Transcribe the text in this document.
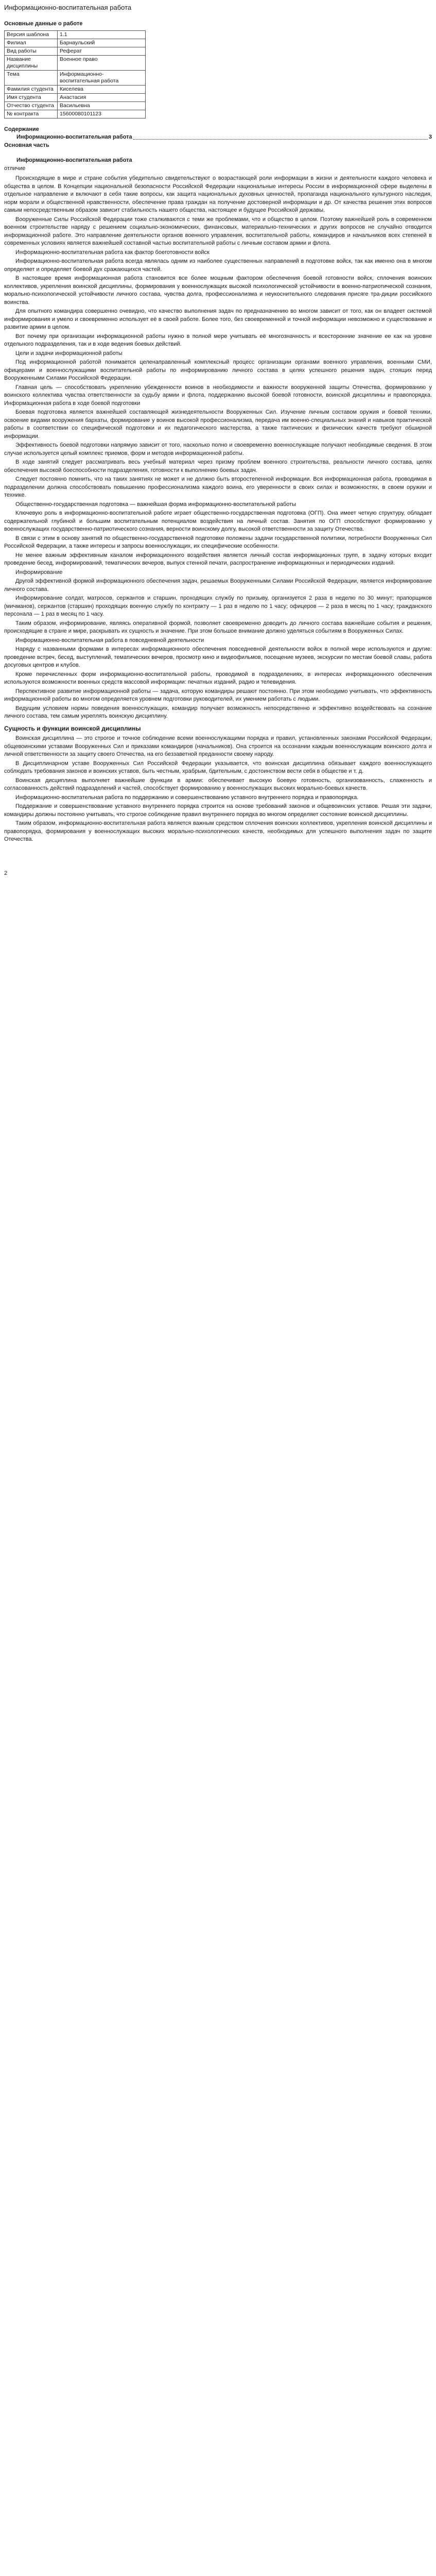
Информационно-воспитательная работа
Основные данные о работе
Версия шаблона	1.1
Филиал	Барнаульский
Вид работы	Реферат
Название дисциплины	Военное право
Тема	Информационно-воспитательная работа
Фамилия студента	Киселева
Имя студента	Анастасия
Отчество студента	Васильевна
№ контракта	15600080101123
Содержание
Информационно-воспитательная работа	3
Основная часть
Информационно-воспитательная работа
отличие

Происходящие в мире и стране события убедительно свидетельствуют о возрастающей роли информации в жизни и деятельности каждого человека и общества в целом. В Концепции национальной безопасности Российской Федерации национальные интересы России в информационной сфере выделены в отдельное направление и включают в себя такие вопросы, как защита национальных духовных ценностей, пропаганда национального культурного наследия, норм морали и общественной нравственности, обеспечение права граждан на получение достоверной информации и др. От качества решения этих вопросов самым непосредственным образом зависит стабильность нашего общества, настоящее и будущее Российской державы.

Вооруженные Силы Российской Федерации тоже сталкиваются с теми же проблемами, что и общество в целом. Поэтому важнейшей роль в современном военном строительстве наряду с решением социально-экономических, финансовых, материально-технических и других вопросов не случайно отводится информационной работе. Это направление деятельности органов военного управления, воспитательной работы, командиров и начальников всех степеней в современных условиях является важнейшей составной частью воспитательной работы с личным составом армии и флота.

Информационно-воспитательная работа как фактор боеготовности войск

Информационно-воспитательная работа всегда являлась одним из наиболее существенных направлений в подготовке войск, так как именно она в многом определяет и определяет боевой дух сражающихся частей.

В настоящее время информационная работа становится все более мощным фактором обеспечения боевой готовности войск, сплочения воинских коллективов, укрепления воинской дисциплины, формирования у военнослужащих высокой психологической устойчивости в военно-патриотической сознания, морально-психологической устойчивости личного состава, чувства долга, профессионализма и неукоснительного следования присяге тра-диции российского воинства.

Для опытного командира совершенно очевидно, что качество выполнения задач по предназначению во многом зависит от того, как он владеет системой информирования и умело и своевременно использует её в своей работе. Более того, без своевременной и точной информации невозможно и существование и развитие армии в целом.

Вот почему при организации информационной работы нужно в полной мере учитывать её многозначность и всесторонние значение ее как на уровне отдельного подразделения, так и в ходе ведения боевых действий.

Цели и задачи информационной работы

Под информационной работой понимается целенаправленный комплексный процесс организации органами военного управления, военными СМИ, офицерами и военнослужащими воспитательной работы по информированию личного состава в целях успешного решения задач, стоящих перед Вооруженными Силами Российской Федерации.

Главная цель — способствовать укреплению убежденности воинов в необходимости и важности вооруженной защиты Отечества, формированию у воинского коллектива чувства ответственности за судьбу армии и флота, поддержанию высокой боевой готовности, воинской дисциплины и правопорядка. Информационная работа в ходе боевой подготовки

Боевая подготовка является важнейшей составляющей жизнедеятельности Вооруженных Сил. Изучение личным составом оружия и боевой техники, освоение видами вооружения бархаты, формирование у воинов высокой профессионализма, передача им военно-специальных знаний и навыков практической работы в соответствии со специфической подготовки и их педагогического мастерства, а также тактических и физических качеств требуют обширной информации.

Эффективность боевой подготовки напрямую зависит от того, насколько полно и своевременно военнослужащие получают необходимые сведения. В этом случае используется целый комплекс приемов, форм и методов информационной работы.

В ходе занятий следует рассматривать весь учебный материал через призму проблем военного строительства, реальности личного состава, целях обеспечения высокой боеспособности подразделения, готовности к выполнению боевых задач.

Следует постоянно помнить, что на таких занятиях не может и не должно быть второстепенной информации. Вся информационная работа, проводимая в подразделении должна способствовать повышению профессионализма каждого воина, его уверенности в своих силах и возможностях, в своем оружии и технике.

Общественно-государственная подготовка — важнейшая форма информационно-воспитательной работы

Ключевую роль в информационно-воспитательной работе играет общественно-государственная подготовка (ОГП). Она имеет четкую структуру, обладает содержательной глубиной и большим воспитательным потенциалом воздействия на личный состав. Занятия по ОГП способствуют формированию у военнослужащих государственно-патриотического сознания, верности воинскому долгу, высокой ответственности за защиту Отечества.

В связи с этим в основу занятий по общественно-государственной подготовке положены задачи государственной политики, потребности Вооруженных Сил Российской Федерации, а также интересы и запросы военнослужащих, их специфические особенности.

Не менее важным эффективным каналом информационного воздействия является личный состав информационных групп, в задачу которых входит проведение бесед, информирований, тематических вечеров, выпуск стенной печати, распространение информационных и периодических изданий.

Информирование

Другой эффективной формой информационного обеспечения задач, решаемых Вооруженными Силами Российской Федерации, является информирование личного состава.

Информирование солдат, матросов, сержантов и старшин, проходящих службу по призыву, организуется 2 раза в неделю по 30 минут; прапорщиков (мичманов), сержантов (старшин) проходящих военную службу по контракту — 1 раз в неделю по 1 часу; офицеров — 2 раза в месяц по 1 часу; гражданского персонала — 1 раз в месяц по 1 часу.

Таким образом, информирование, являясь оперативной формой, позволяет своевременно доводить до личного состава важнейшие события и решения, происходящие в стране и мире, раскрывать их сущность и значение. При этом большое внимание должно уделяться событиям в Вооруженных Силах.

Информационно-воспитательная работа в повседневной деятельности

Наряду с названными формами в интересах информационного обеспечения повседневной деятельности войск в полной мере используются и другие: проведение встреч, бесед, выступлений, тематических вечеров, просмотр кино и видеофильмов, посещение музеев, экскурсии по местам боевой славы, работа досуговых центров и клубов.

Кроме перечисленных форм информационно-воспитательной работы, проводимой в подразделениях, в интересах информационного обеспечения используются возможности военных средств массовой информации: печатных изданий, радио и телевидения.

Перспективное развитие информационной работы — задача, которую командиры решают постоянно. При этом необходимо учитывать, что эффективность информационной работы во многом определяется уровнем подготовки руководителей, их умением работать с людьми.

Ведущим условием нормы поведения военнослужащих, командир получает возможность непосредственно и эффективно воздействовать на сознание личного состава, тем самым укреплять воинскую дисциплину.

Сущность и функции воинской дисциплины

Воинская дисциплина — это строгое и точное соблюдение всеми военнослужащими порядка и правил, установленных законами Российской Федерации, общевоинскими уставами Вооруженных Сил и приказами командиров (начальников). Она строится на осознании каждым военнослужащим воинского долга и личной ответственности за защиту своего Отечества, на его беззаветной преданности своему народу.

В Дисциплинарном уставе Вооруженных Сил Российской Федерации указывается, что воинская дисциплина обязывает каждого военнослужащего соблюдать требования законов и воинских уставов, быть честным, храбрым, бдительным, с достоинством вести себя в обществе и т. д.

Воинская дисциплина выполняет важнейшие функции в армии: обеспечивает высокую боевую готовность, организованность, слаженность и согласованность действий подразделений и частей, способствует формированию у военнослужащих высоких морально-боевых качеств.

Информационно-воспитательная работа по поддержанию и совершенствованию уставного внутреннего порядка и правопорядка.

Поддержание и совершенствование уставного внутреннего порядка строится на основе требований законов и общевоинских уставов. Решая эти задачи, командиры должны постоянно учитывать, что строгое соблюдение правил внутреннего порядка во многом определяет состояние воинской дисциплины.

Таким образом, информационно-воспитательная работа является важным средством сплочения воинских коллективов, укрепления воинской дисциплины и правопорядка, формирования у военнослужащих высоких морально-психологических качеств, необходимых для успешного выполнения задач по защите Отечества.

2
